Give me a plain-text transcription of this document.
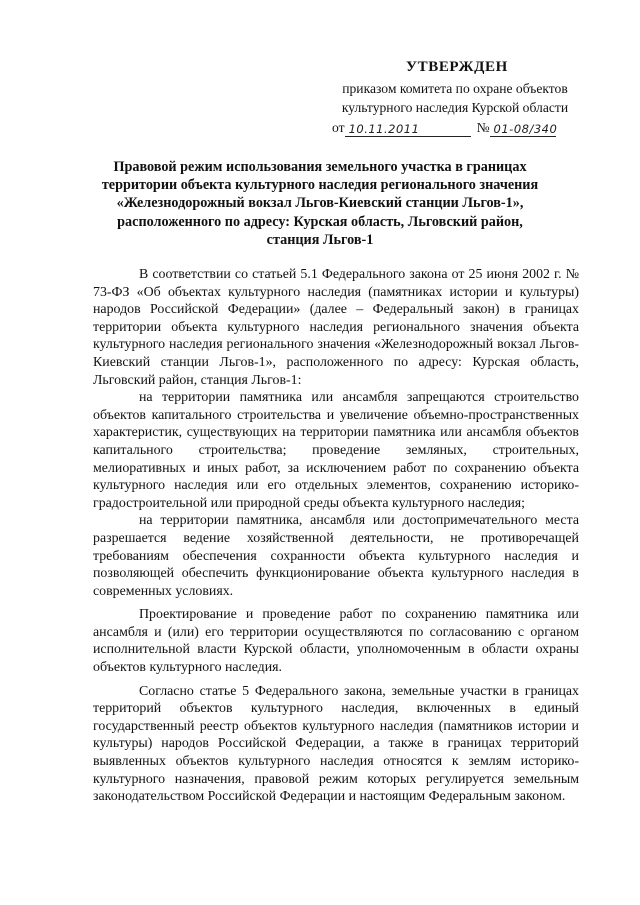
УТВЕРЖДЕН
приказом комитета по охране объектов
культурного наследия Курской области
от 10.11.2011	№ 01-08/340
Правовой режим использования земельного участка в границах
территории объекта культурного наследия регионального значения
«Железнодорожный вокзал Льгов-Киевский станции Льгов-1»,
расположенного по адресу: Курская область, Льговский район,
станция Льгов-1

В соответствии со статьей 5.1 Федерального закона от 25 июня 2002 г. № 73-ФЗ «Об объектах культурного наследия (памятниках истории и культуры) народов Российской Федерации» (далее – Федеральный закон) в границах территории объекта культурного наследия регионального значения объекта культурного наследия регионального значения «Железнодорожный вокзал Льгов-Киевский станции Льгов-1», расположенного по адресу: Курская область, Льговский район, станция Льгов-1:

на территории памятника или ансамбля запрещаются строительство объектов капитального строительства и увеличение объемно-пространственных характеристик, существующих на территории памятника или ансамбля объектов капитального строительства; проведение земляных, строительных, мелиоративных и иных работ, за исключением работ по сохранению объекта культурного наследия или его отдельных элементов, сохранению историко-градостроительной или природной среды объекта культурного наследия;

на территории памятника, ансамбля или достопримечательного места разрешается ведение хозяйственной деятельности, не противоречащей требованиям обеспечения сохранности объекта культурного наследия и позволяющей обеспечить функционирование объекта культурного наследия в современных условиях.

Проектирование и проведение работ по сохранению памятника или ансамбля и (или) его территории осуществляются по согласованию с органом исполнительной власти Курской области, уполномоченным в области охраны объектов культурного наследия.

Согласно статье 5 Федерального закона, земельные участки в границах территорий объектов культурного наследия, включенных в единый государственный реестр объектов культурного наследия (памятников истории и культуры) народов Российской Федерации, а также в границах территорий выявленных объектов культурного наследия относятся к землям историко-культурного назначения, правовой режим которых регулируется земельным законодательством Российской Федерации и настоящим Федеральным законом.
